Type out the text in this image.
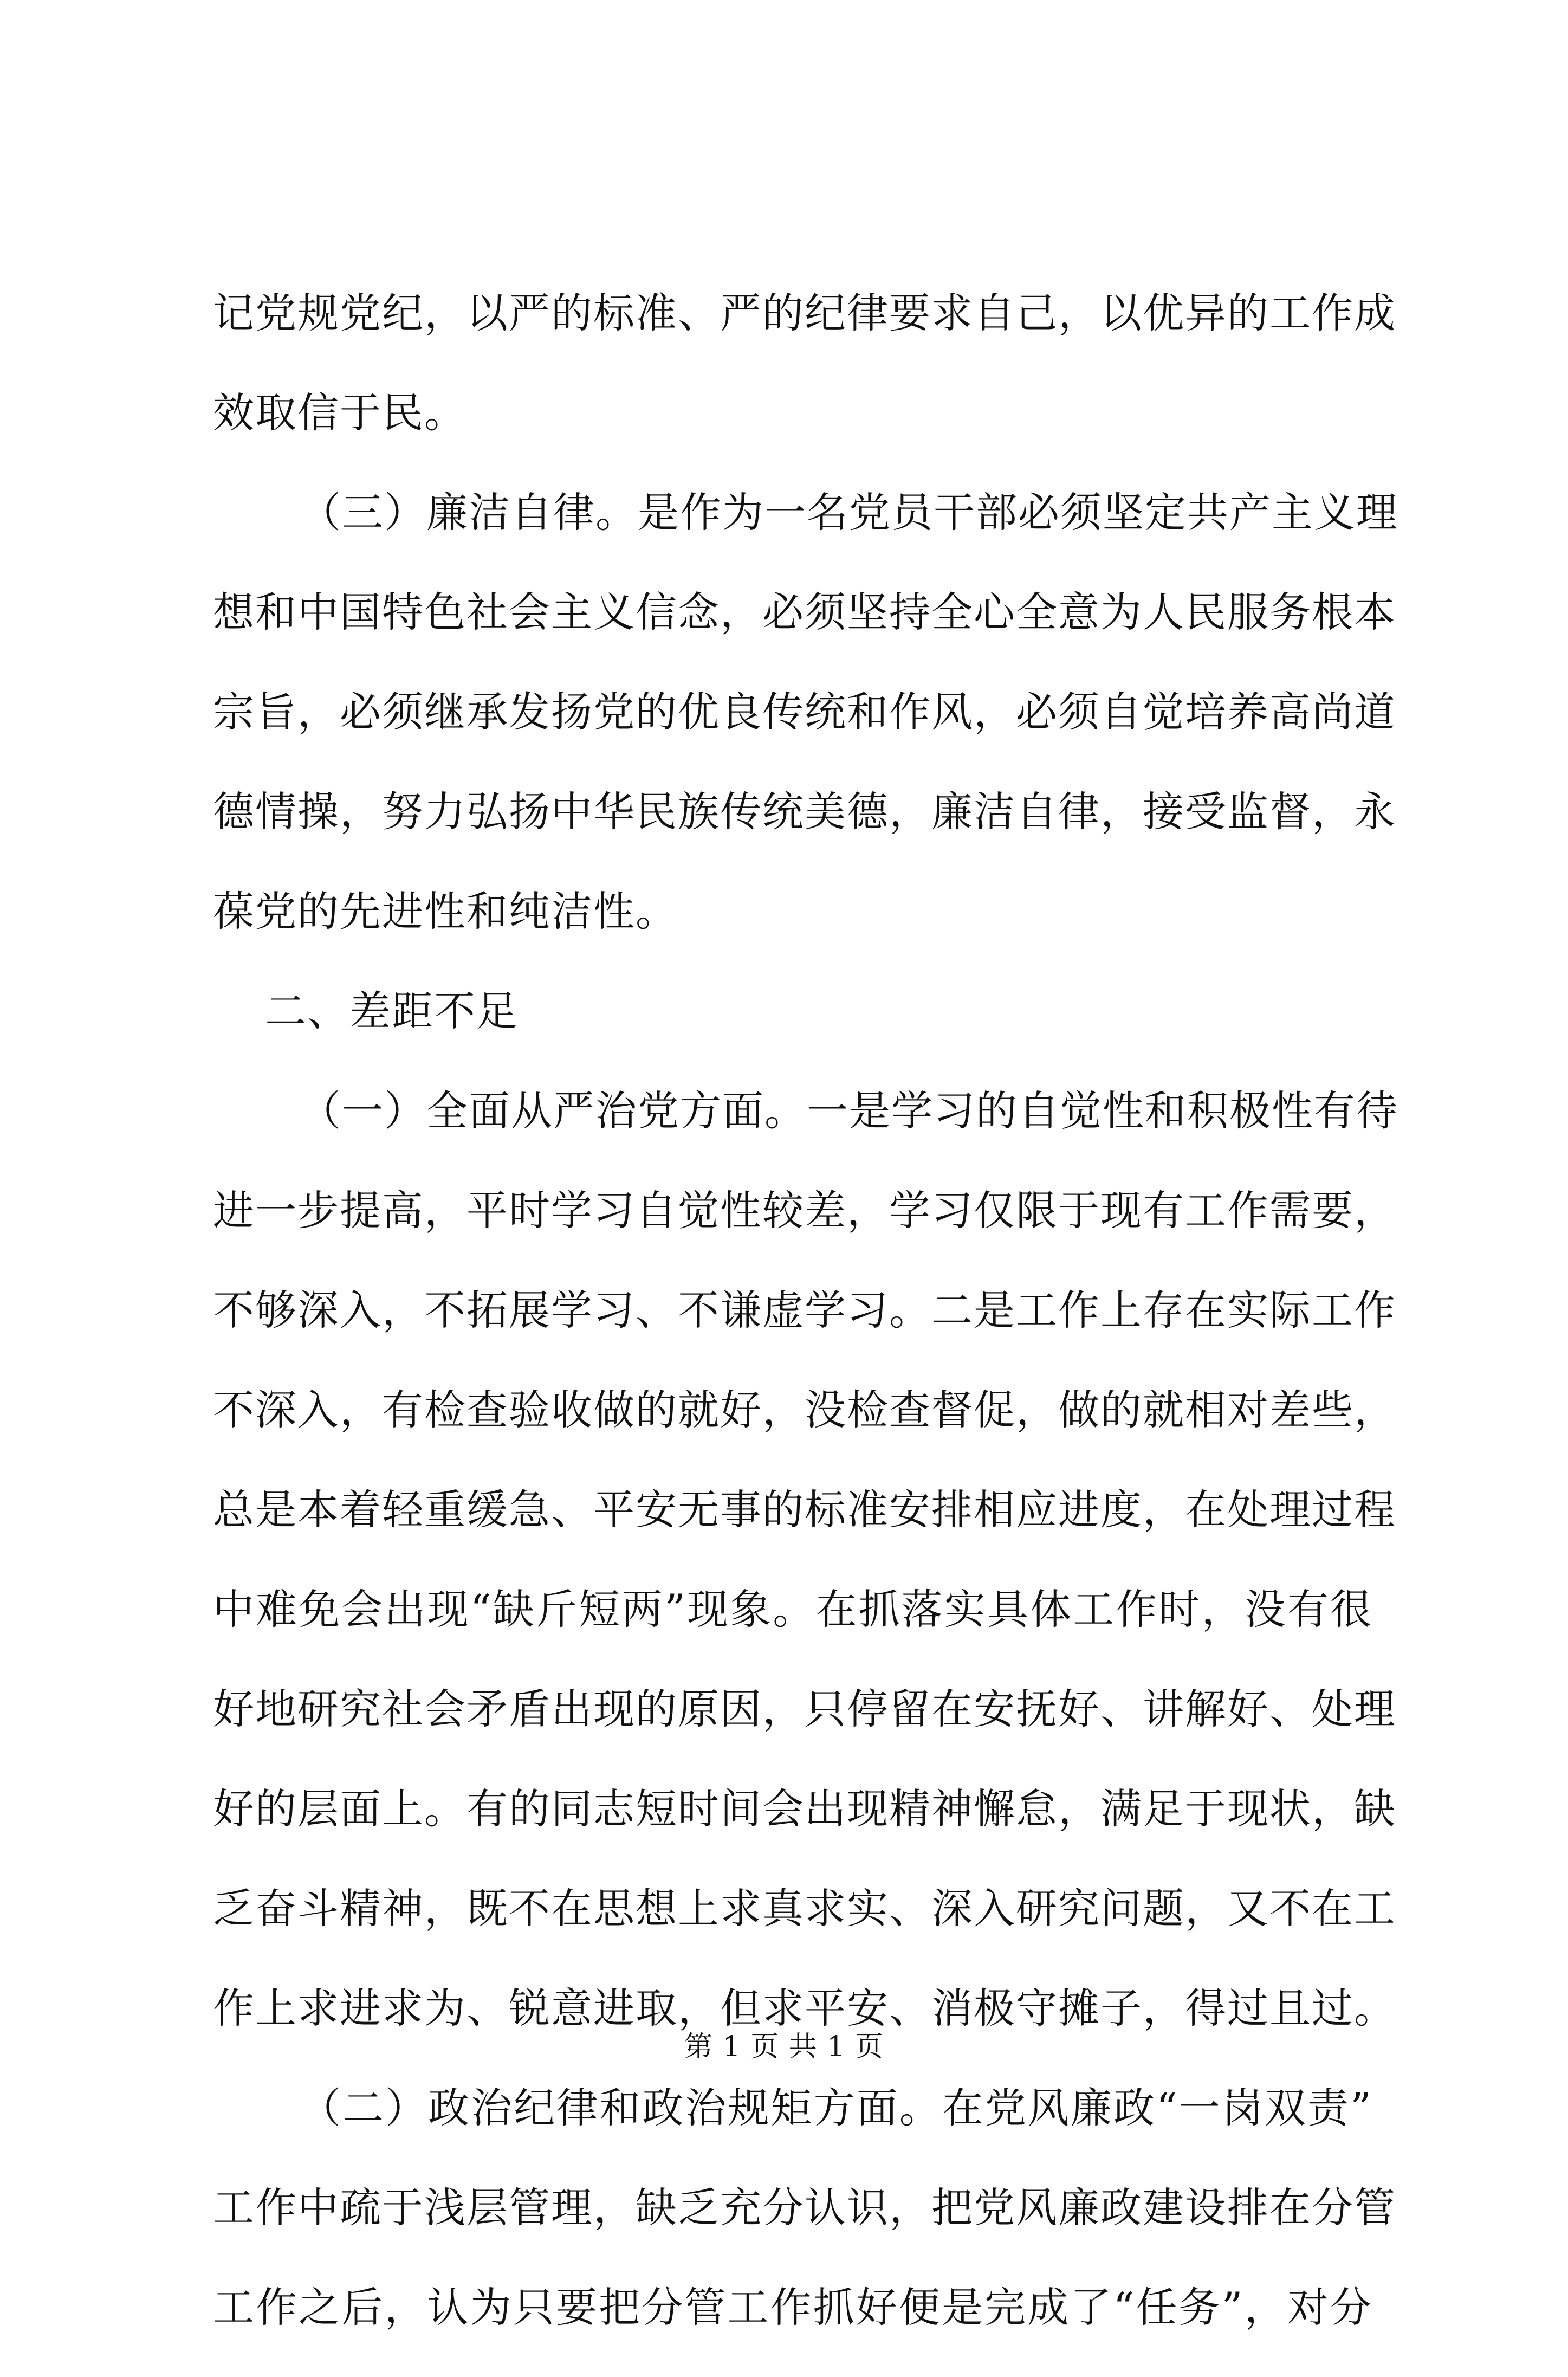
记党规党纪，以严的标准、严的纪律要求自己，以优异的工作成
效取信于民。
（三）廉洁自律。是作为一名党员干部必须坚定共产主义理
想和中国特色社会主义信念，必须坚持全心全意为人民服务根本
宗旨，必须继承发扬党的优良传统和作风，必须自觉培养高尚道
德情操，努力弘扬中华民族传统美德，廉洁自律，接受监督，永
葆党的先进性和纯洁性。
二、差距不足
（一）全面从严治党方面。一是学习的自觉性和积极性有待
进一步提高，平时学习自觉性较差，学习仅限于现有工作需要，
不够深入，不拓展学习、不谦虚学习。二是工作上存在实际工作
不深入，有检查验收做的就好，没检查督促，做的就相对差些，
总是本着轻重缓急、平安无事的标准安排相应进度，在处理过程
中难免会出现“缺斤短两”现象。在抓落实具体工作时，没有很
好地研究社会矛盾出现的原因，只停留在安抚好、讲解好、处理
好的层面上。有的同志短时间会出现精神懈怠，满足于现状，缺
乏奋斗精神，既不在思想上求真求实、深入研究问题，又不在工
作上求进求为、锐意进取，但求平安、消极守摊子，得过且过。
（二）政治纪律和政治规矩方面。在党风廉政“一岗双责”
工作中疏于浅层管理，缺乏充分认识，把党风廉政建设排在分管
工作之后，认为只要把分管工作抓好便是完成了“任务”，对分
第 1 页 共 1 页
